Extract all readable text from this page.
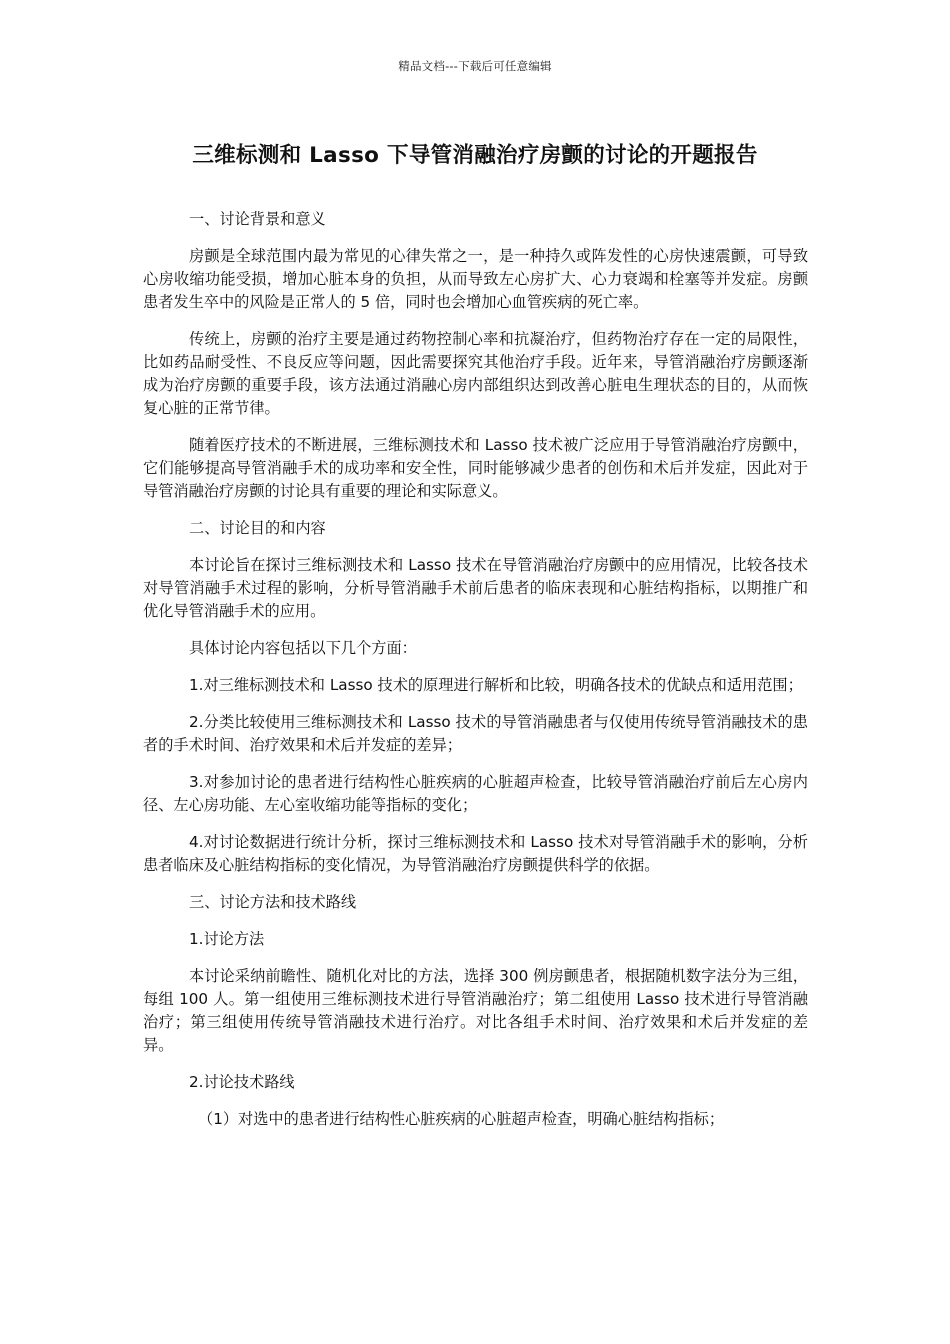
精品文档---下载后可任意编辑
三维标测和 Lasso 下导管消融治疗房颤的讨论的开题报告

一、讨论背景和意义

房颤是全球范围内最为常见的心律失常之一，是一种持久或阵发性的心房快速震颤，可导致心房收缩功能受损，增加心脏本身的负担，从而导致左心房扩大、心力衰竭和栓塞等并发症。房颤患者发生卒中的风险是正常人的 5 倍，同时也会增加心血管疾病的死亡率。

传统上，房颤的治疗主要是通过药物控制心率和抗凝治疗，但药物治疗存在一定的局限性，比如药品耐受性、不良反应等问题，因此需要探究其他治疗手段。近年来，导管消融治疗房颤逐渐成为治疗房颤的重要手段，该方法通过消融心房内部组织达到改善心脏电生理状态的目的，从而恢复心脏的正常节律。

随着医疗技术的不断进展，三维标测技术和 Lasso 技术被广泛应用于导管消融治疗房颤中，它们能够提高导管消融手术的成功率和安全性，同时能够减少患者的创伤和术后并发症，因此对于导管消融治疗房颤的讨论具有重要的理论和实际意义。

二、讨论目的和内容

本讨论旨在探讨三维标测技术和 Lasso 技术在导管消融治疗房颤中的应用情况，比较各技术对导管消融手术过程的影响，分析导管消融手术前后患者的临床表现和心脏结构指标，以期推广和优化导管消融手术的应用。

具体讨论内容包括以下几个方面：

1.对三维标测技术和 Lasso 技术的原理进行解析和比较，明确各技术的优缺点和适用范围；

2.分类比较使用三维标测技术和 Lasso 技术的导管消融患者与仅使用传统导管消融技术的患者的手术时间、治疗效果和术后并发症的差异；

3.对参加讨论的患者进行结构性心脏疾病的心脏超声检查，比较导管消融治疗前后左心房内径、左心房功能、左心室收缩功能等指标的变化；

4.对讨论数据进行统计分析，探讨三维标测技术和 Lasso 技术对导管消融手术的影响，分析患者临床及心脏结构指标的变化情况，为导管消融治疗房颤提供科学的依据。

三、讨论方法和技术路线

1.讨论方法

本讨论采纳前瞻性、随机化对比的方法，选择 300 例房颤患者，根据随机数字法分为三组，每组 100 人。第一组使用三维标测技术进行导管消融治疗；第二组使用 Lasso 技术进行导管消融治疗；第三组使用传统导管消融技术进行治疗。对比各组手术时间、治疗效果和术后并发症的差异。

2.讨论技术路线

（1）对选中的患者进行结构性心脏疾病的心脏超声检查，明确心脏结构指标；
